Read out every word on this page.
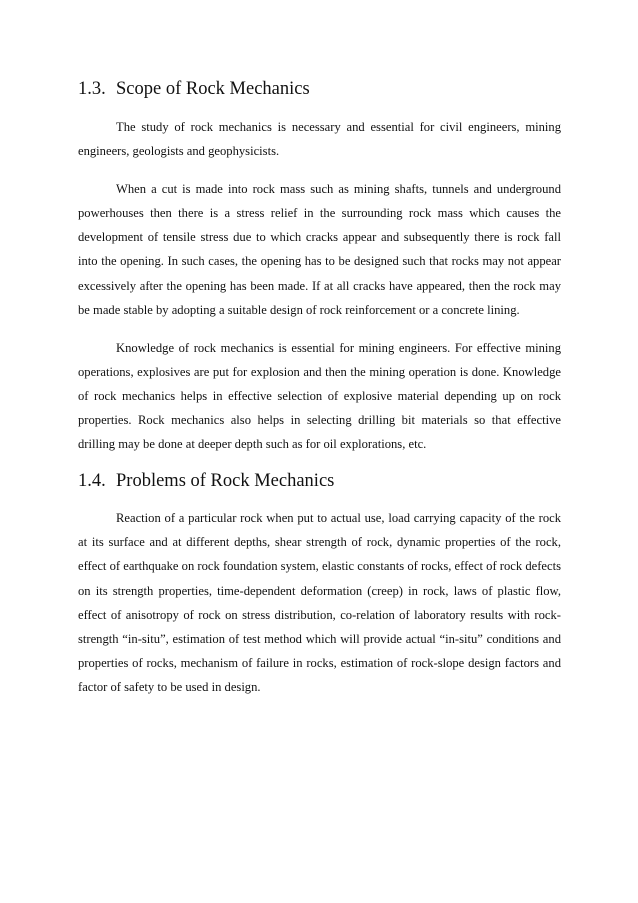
1.3. Scope of Rock Mechanics

The study of rock mechanics is necessary and essential for civil engineers, mining engineers, geologists and geophysicists.

When a cut is made into rock mass such as mining shafts, tunnels and underground powerhouses then there is a stress relief in the surrounding rock mass which causes the development of tensile stress due to which cracks appear and subsequently there is rock fall into the opening. In such cases, the opening has to be designed such that rocks may not appear excessively after the opening has been made. If at all cracks have appeared, then the rock may be made stable by adopting a suitable design of rock reinforcement or a concrete lining.

Knowledge of rock mechanics is essential for mining engineers. For effective mining operations, explosives are put for explosion and then the mining operation is done. Knowledge of rock mechanics helps in effective selection of explosive material depending up on rock properties. Rock mechanics also helps in selecting drilling bit materials so that effective drilling may be done at deeper depth such as for oil explorations, etc.

1.4. Problems of Rock Mechanics

Reaction of a particular rock when put to actual use, load carrying capacity of the rock at its surface and at different depths, shear strength of rock, dynamic properties of the rock, effect of earthquake on rock foundation system, elastic constants of rocks, effect of rock defects on its strength properties, time-dependent deformation (creep) in rock, laws of plastic flow, effect of anisotropy of rock on stress distribution, co-relation of laboratory results with rock-strength “in-situ”, estimation of test method which will provide actual “in-situ” conditions and properties of rocks, mechanism of failure in rocks, estimation of rock-slope design factors and factor of safety to be used in design.
